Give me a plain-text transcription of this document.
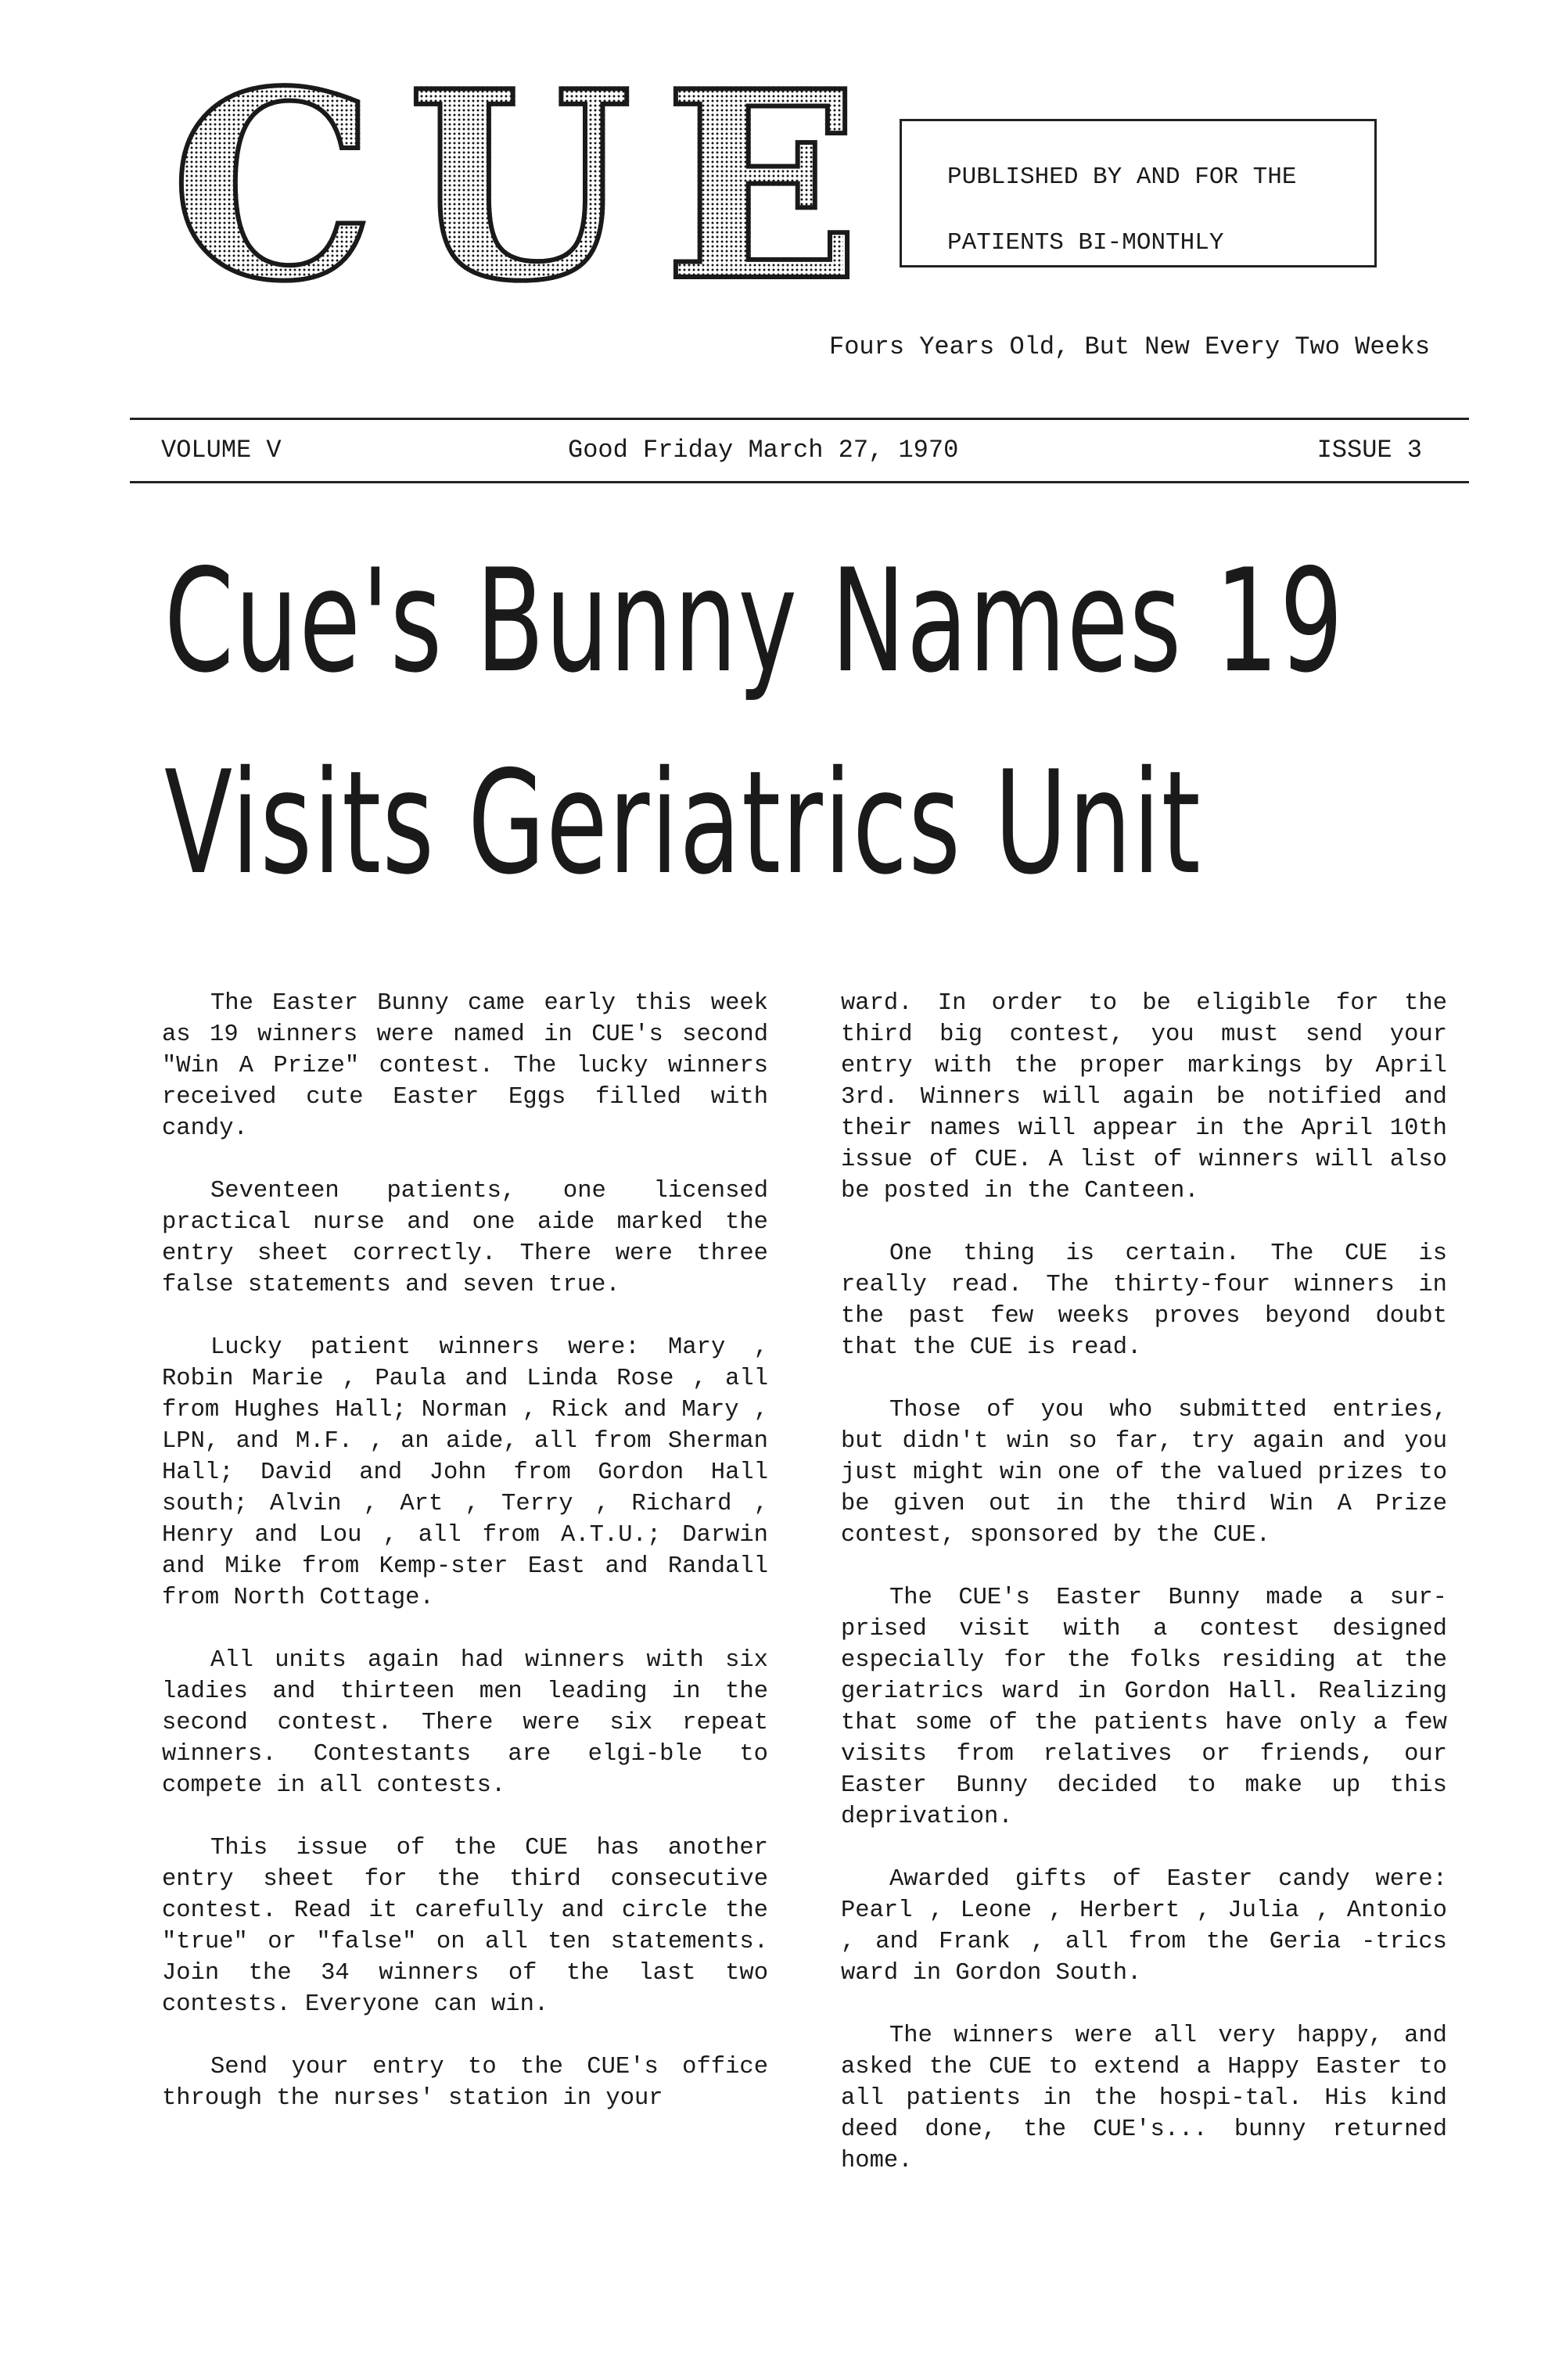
CUE PUBLISHED BY AND FOR THE
PATIENTS BI-MONTHLY
Fours Years Old, But New Every Two Weeks
VOLUME V	Good Friday March 27, 1970	ISSUE 3
Cue's Bunny Names 19
Visits Geriatrics Unit

The Easter Bunny came early this week as 19 winners were named in CUE's second "Win A Prize" contest. The lucky winners received cute Easter Eggs filled with candy.

Seventeen patients, one licensed practical nurse and one aide marked the entry sheet correctly. There were three false statements and seven true.

Lucky patient winners were: Mary , Robin Marie , Paula and Linda Rose , all from Hughes Hall; Norman , Rick and Mary , LPN, and M.F. , an aide, all from Sherman Hall; David and John from Gordon Hall south; Alvin , Art , Terry , Richard , Henry and Lou , all from A.T.U.; Darwin and Mike from Kemp-ster East and Randall from North Cottage.

All units again had winners with six ladies and thirteen men leading in the second contest. There were six repeat winners. Contestants are elgi-ble to compete in all contests.

This issue of the CUE has another entry sheet for the third consecutive contest. Read it carefully and circle the "true" or "false" on all ten statements. Join the 34 winners of the last two contests. Everyone can win.

Send your entry to the CUE's office through the nurses' station in your

ward. In order to be eligible for the third big contest, you must send your entry with the proper markings by April 3rd. Winners will again be notified and their names will appear in the April 10th issue of CUE. A list of winners will also be posted in the Canteen.

One thing is certain. The CUE is really read. The thirty-four winners in the past few weeks proves beyond doubt that the CUE is read.

Those of you who submitted entries, but didn't win so far, try again and you just might win one of the valued prizes to be given out in the third Win A Prize contest, sponsored by the CUE.

The CUE's Easter Bunny made a sur-prised visit with a contest designed especially for the folks residing at the geriatrics ward in Gordon Hall. Realizing that some of the patients have only a few visits from relatives or friends, our Easter Bunny decided to make up this deprivation.

Awarded gifts of Easter candy were: Pearl , Leone , Herbert , Julia , Antonio , and Frank , all from the Geria -trics ward in Gordon South.

The winners were all very happy, and asked the CUE to extend a Happy Easter to all patients in the hospi-tal. His kind deed done, the CUE's... bunny returned home.
